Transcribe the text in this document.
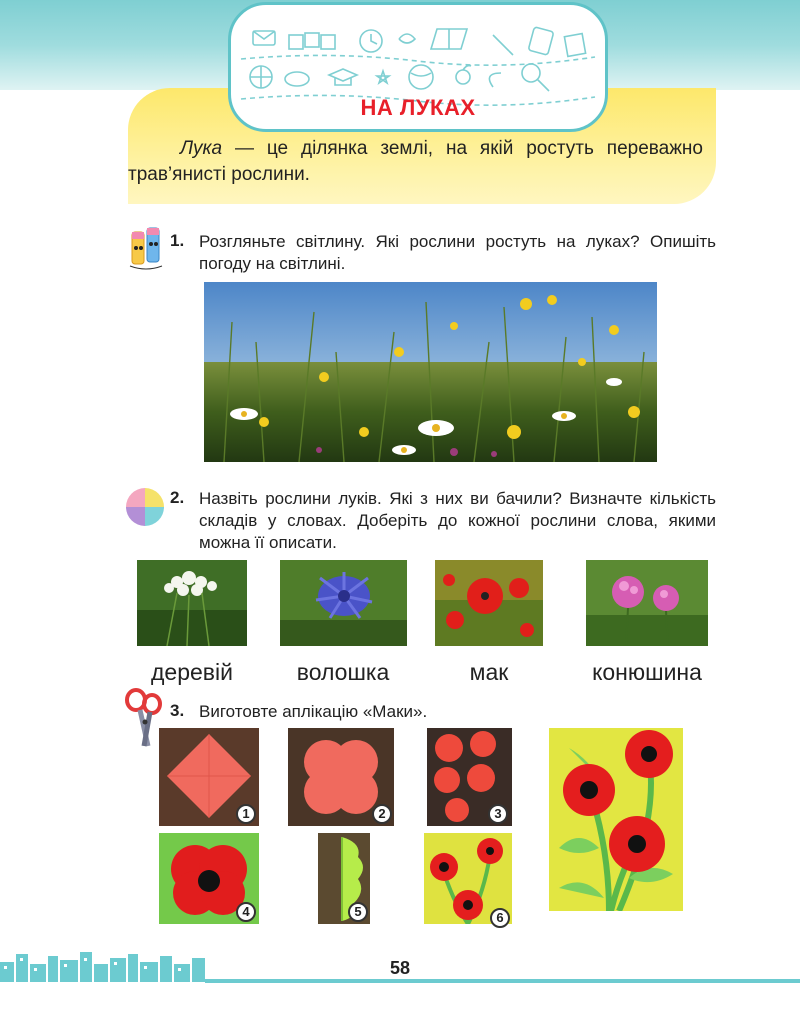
Лука — це ділянка землі, на якій ростуть переважно трав’янисті рослини.

НА ЛУКАХ
1. Розгляньте світлину. Які рослини ростуть на луках? Опишіть погоду на світлині.
2. Назвіть рослини луків. Які з них ви бачили? Визначте кількість складів у словах. Доберіть до кожної рослини слова, якими можна її описати.
деревій	волошка	мак	конюшина
3. Виготовте аплікацію «Маки».
1	2	3
4	5	6
58
